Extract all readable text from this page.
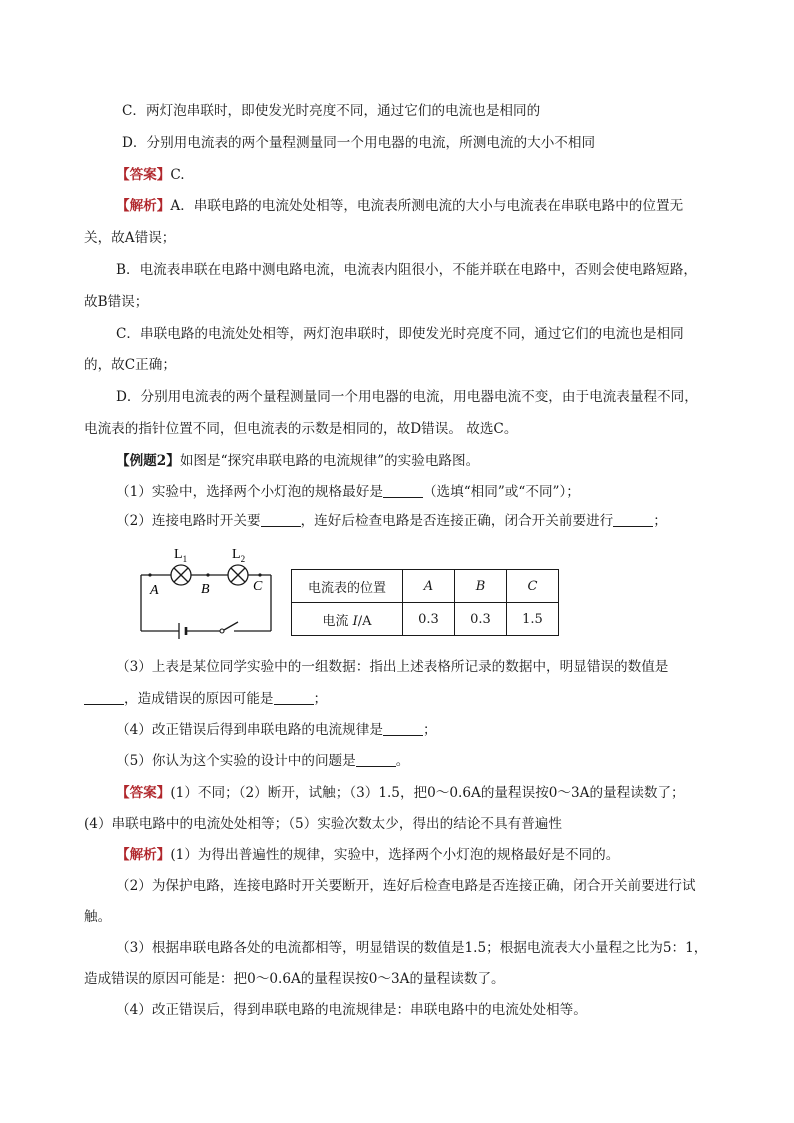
C．两灯泡串联时，即使发光时亮度不同，通过它们的电流也是相同的
D．分别用电流表的两个量程测量同一个用电器的电流，所测电流的大小不相同
【答案】C.
【解析】A．串联电路的电流处处相等，电流表所测电流的大小与电流表在串联电路中的位置无
关，故A错误；
B．电流表串联在电路中测电路电流，电流表内阻很小，不能并联在电路中，否则会使电路短路，
故B错误；
C．串联电路的电流处处相等，两灯泡串联时，即使发光时亮度不同，通过它们的电流也是相同
的，故C正确；
D．分别用电流表的两个量程测量同一个用电器的电流，用电器电流不变，由于电流表量程不同，
电流表的指针位置不同，但电流表的示数是相同的，故D错误。 故选C。
【例题2】如图是“探究串联电路的电流规律”的实验电路图。
（1）实验中，选择两个小灯泡的规格最好是	（选填“相同”或“不同”）；
（2）连接电路时开关要	，连好后检查电路是否连接正确，闭合开关前要进行	；
$L_1$	$L_2$
A	B	C	电流表的位置	A	B	C
电流 I/A	0.3	0.3	1.5
（3）上表是某位同学实验中的一组数据：指出上述表格所记录的数据中，明显错误的数值是
，造成错误的原因可能是	；
（4）改正错误后得到串联电路的电流规律是	；
（5）你认为这个实验的设计中的问题是	。
【答案】(1）不同；（2）断开，试触；（3）1.5，把0～0.6A的量程误按0～3A的量程读数了；
(4）串联电路中的电流处处相等；（5）实验次数太少，得出的结论不具有普遍性
【解析】(1）为得出普遍性的规律，实验中，选择两个小灯泡的规格最好是不同的。
（2）为保护电路，连接电路时开关要断开，连好后检查电路是否连接正确，闭合开关前要进行试
触。
（3）根据串联电路各处的电流都相等，明显错误的数值是1.5；根据电流表大小量程之比为5：1，
造成错误的原因可能是：把0～0.6A的量程误按0～3A的量程读数了。
（4）改正错误后，得到串联电路的电流规律是：串联电路中的电流处处相等。
